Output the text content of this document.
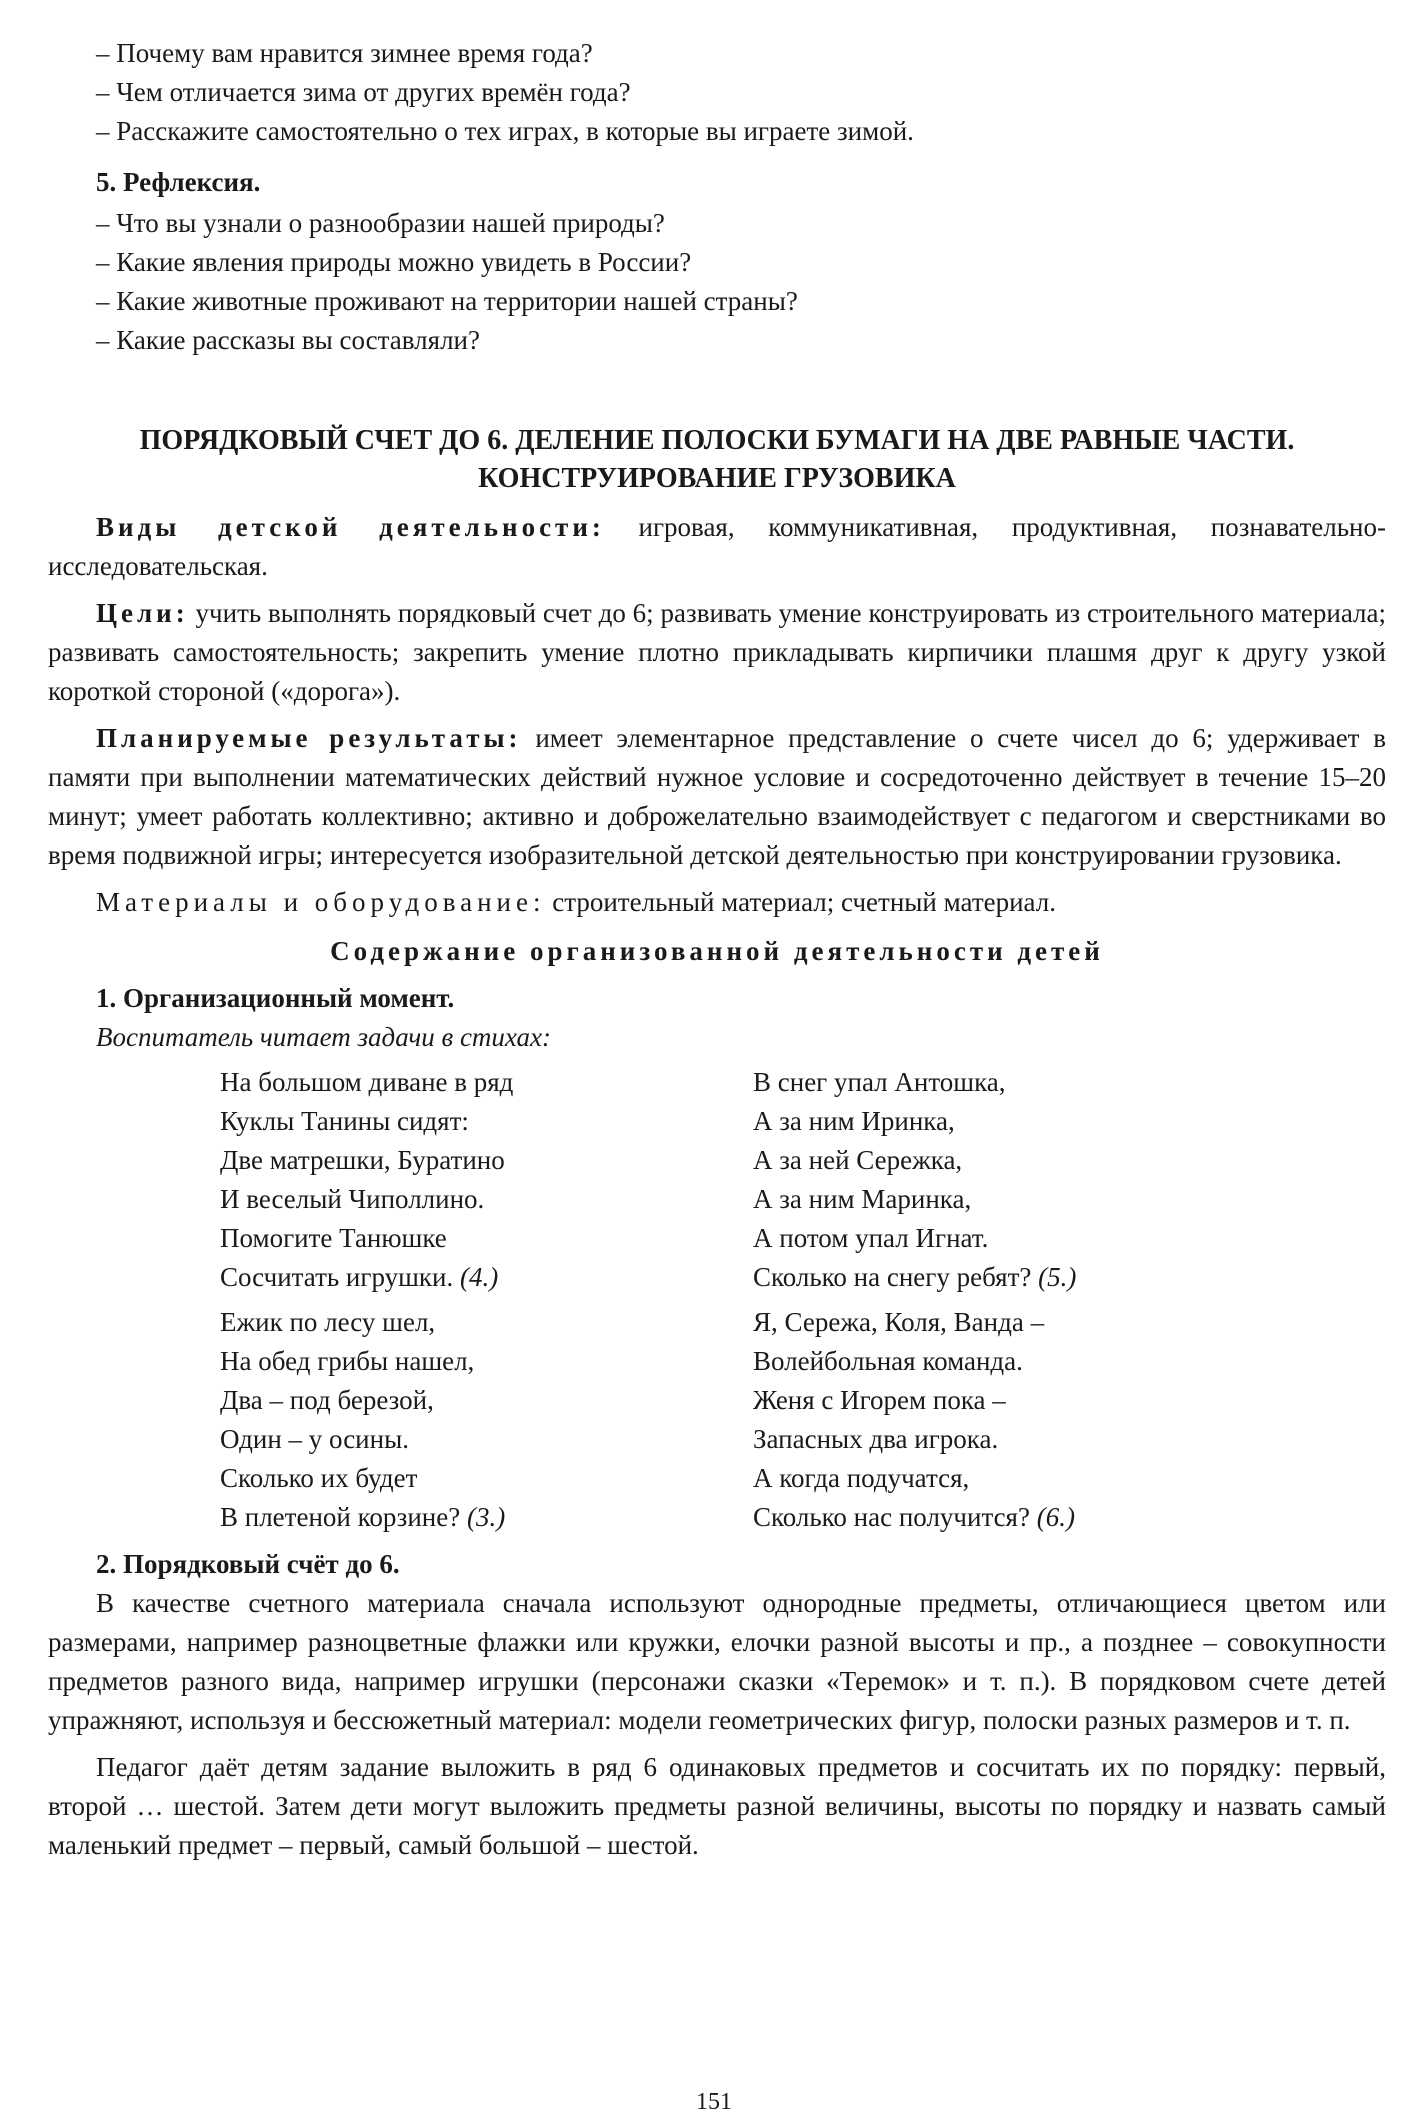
– Почему вам нравится зимнее время года?

– Чем отличается зима от других времён года?

– Расскажите самостоятельно о тех играх, в которые вы играете зимой.

5. Рефлексия.

– Что вы узнали о разнообразии нашей природы?

– Какие явления природы можно увидеть в России?

– Какие животные проживают на территории нашей страны?

– Какие рассказы вы составляли?

ПОРЯДКОВЫЙ СЧЕТ ДО 6. ДЕЛЕНИЕ ПОЛОСКИ БУМАГИ НА ДВЕ РАВНЫЕ ЧАСТИ.
КОНСТРУИРОВАНИЕ ГРУЗОВИКА

Виды детской деятельности: игровая, коммуникативная, продуктивная, познавательно-исследовательская.

Цели: учить выполнять порядковый счет до 6; развивать умение конструировать из строительного материала; развивать самостоятельность; закрепить умение плотно прикладывать кирпичики плашмя друг к другу узкой короткой стороной («дорога»).

Планируемые результаты: имеет элементарное представление о счете чисел до 6; удерживает в памяти при выполнении математических действий нужное условие и сосредоточенно действует в течение 15–20 минут; умеет работать коллективно; активно и доброжелательно взаимодействует с педагогом и сверстниками во время подвижной игры; интересуется изобразительной детской деятельностью при конструировании грузовика.

Материалы и оборудование: строительный материал; счетный материал.

Содержание организованной деятельности детей

1. Организационный момент.

Воспитатель читает задачи в стихах:

На большом диване в ряд

Куклы Танины сидят:

Две матрешки, Буратино

И веселый Чиполлино.

Помогите Танюшке

Сосчитать игрушки. (4.)

В снег упал Антошка,

А за ним Иринка,

А за ней Сережка,

А за ним Маринка,

А потом упал Игнат.

Сколько на снегу ребят? (5.)

Ежик по лесу шел,

На обед грибы нашел,

Два – под березой,

Один – у осины.

Сколько их будет

В плетеной корзине? (3.)

Я, Сережа, Коля, Ванда –

Волейбольная команда.

Женя с Игорем пока –

Запасных два игрока.

А когда подучатся,

Сколько нас получится? (6.)

2. Порядковый счёт до 6.

В качестве счетного материала сначала используют однородные предметы, отличающиеся цветом или размерами, например разноцветные флажки или кружки, елочки разной высоты и пр., а позднее – совокупности предметов разного вида, например игрушки (персонажи сказки «Теремок» и т. п.). В порядковом счете детей упражняют, используя и бессюжетный материал: модели геометрических фигур, полоски разных размеров и т. п.

Педагог даёт детям задание выложить в ряд 6 одинаковых предметов и сосчитать их по порядку: первый, второй … шестой. Затем дети могут выложить предметы разной величины, высоты по порядку и назвать самый маленький предмет – первый, самый большой – шестой.

151
